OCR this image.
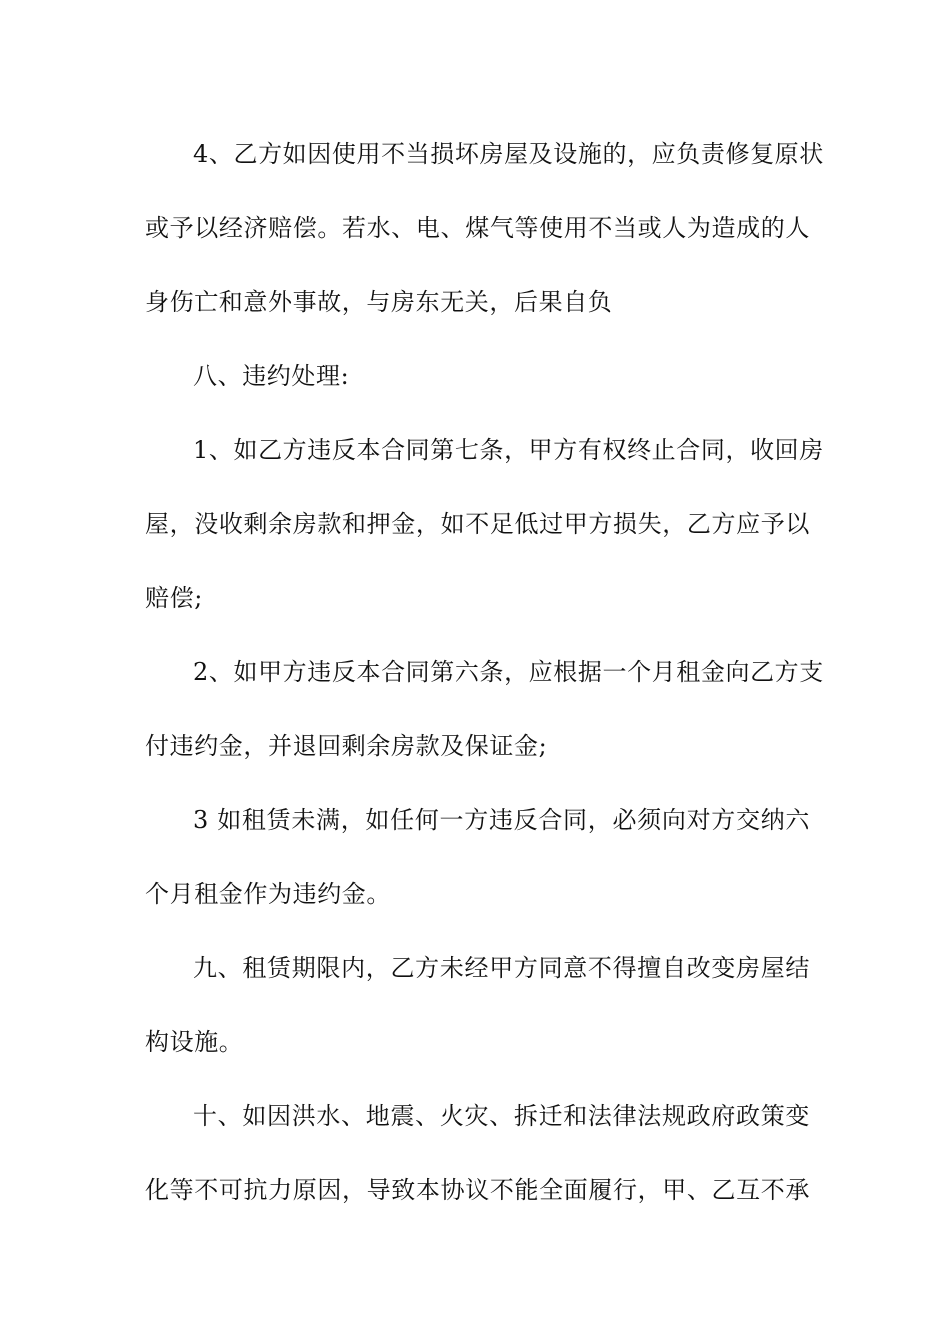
4、乙方如因使用不当损坏房屋及设施的，应负责修复原状
或予以经济赔偿。若水、电、煤气等使用不当或人为造成的人
身伤亡和意外事故，与房东无关，后果自负
八、违约处理:
1、如乙方违反本合同第七条，甲方有权终止合同，收回房
屋，没收剩余房款和押金，如不足低过甲方损失，乙方应予以
赔偿;
2、如甲方违反本合同第六条，应根据一个月租金向乙方支
付违约金，并退回剩余房款及保证金;
3 如租赁未满，如任何一方违反合同，必须向对方交纳六
个月租金作为违约金。
九、租赁期限内，乙方未经甲方同意不得擅自改变房屋结
构设施。
十、如因洪水、地震、火灾、拆迁和法律法规政府政策变
化等不可抗力原因，导致本协议不能全面履行，甲、乙互不承
